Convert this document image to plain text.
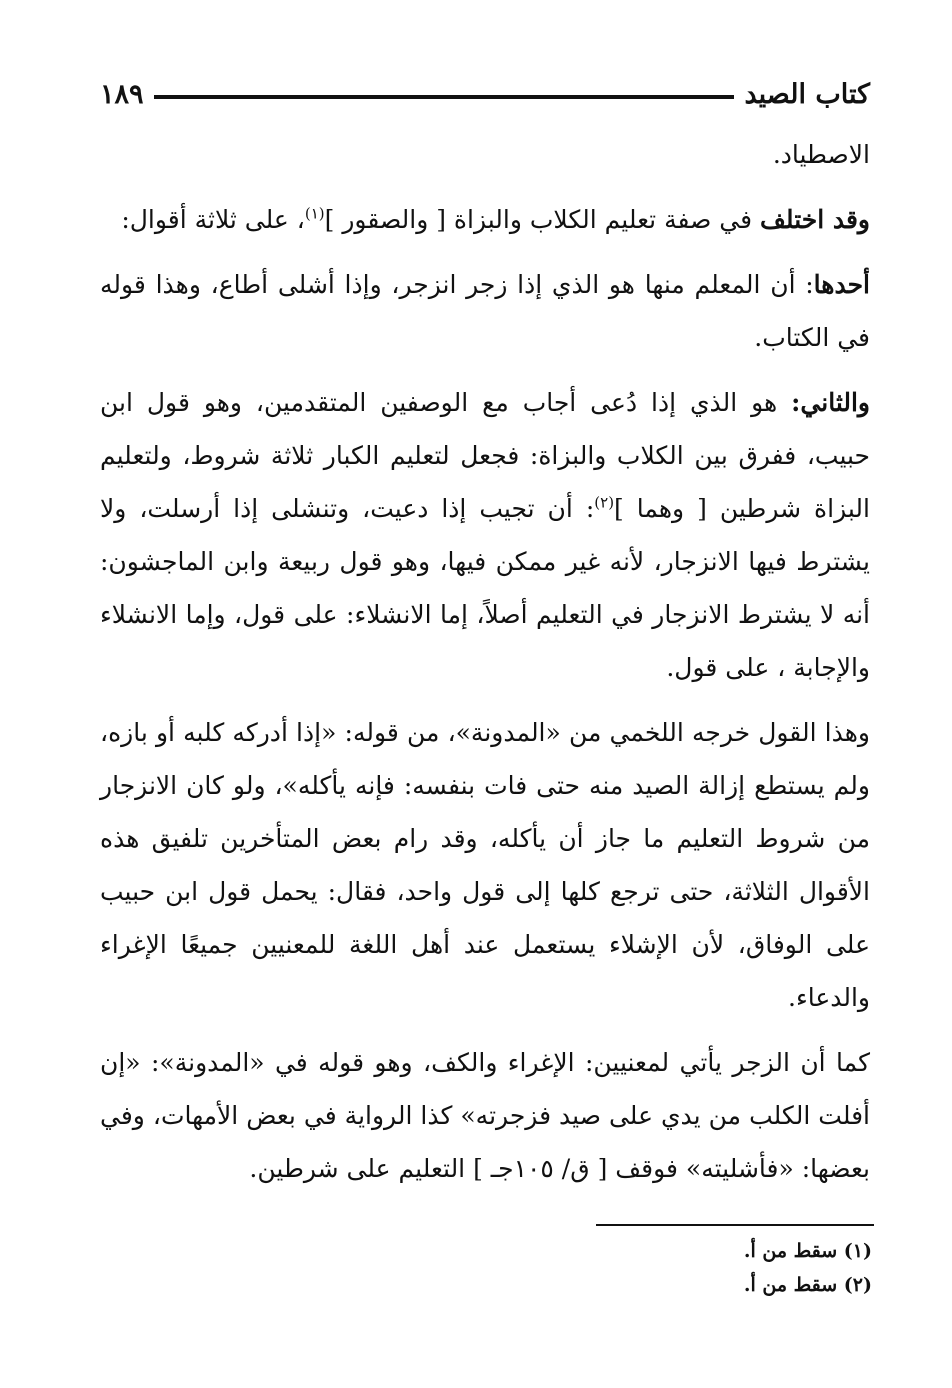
كتاب الصيد
١٨٩

الاصطياد.

وقد اختلف في صفة تعليم الكلاب والبزاة [ والصقور ]$^{(١)}$، على ثلاثة أقوال:

أحدها: أن المعلم منها هو الذي إذا زجر انزجر، وإذا أشلى أطاع، وهذا قوله في الكتاب.

والثاني: هو الذي إذا دُعى أجاب مع الوصفين المتقدمين، وهو قول ابن حبيب، ففرق بين الكلاب والبزاة: فجعل لتعليم الكبار ثلاثة شروط، ولتعليم البزاة شرطين [ وهما ]$^{(٢)}$: أن تجيب إذا دعيت، وتنشلى إذا أرسلت، ولا يشترط فيها الانزجار، لأنه غير ممكن فيها، وهو قول ربيعة وابن الماجشون: أنه لا يشترط الانزجار في التعليم أصلاً، إما الانشلاء: على قول، وإما الانشلاء والإجابة ، على قول.

وهذا القول خرجه اللخمي من «المدونة»، من قوله: «إذا أدركه كلبه أو بازه، ولم يستطع إزالة الصيد منه حتى فات بنفسه: فإنه يأكله»، ولو كان الانزجار من شروط التعليم ما جاز أن يأكله، وقد رام بعض المتأخرين تلفيق هذه الأقوال الثلاثة، حتى ترجع كلها إلى قول واحد، فقال: يحمل قول ابن حبيب على الوفاق، لأن الإشلاء يستعمل عند أهل اللغة للمعنيين جميعًا الإغراء والدعاء.

كما أن الزجر يأتي لمعنيين: الإغراء والكف، وهو قوله في «المدونة»: «إن أفلت الكلب من يدي على صيد فزجرته» كذا الرواية في بعض الأمهات، وفي بعضها: «فأشليته» فوقف [ ق/ ١٠٥جـ ] التعليم على شرطين.

(١) سقط من أ.
(٢) سقط من أ.
